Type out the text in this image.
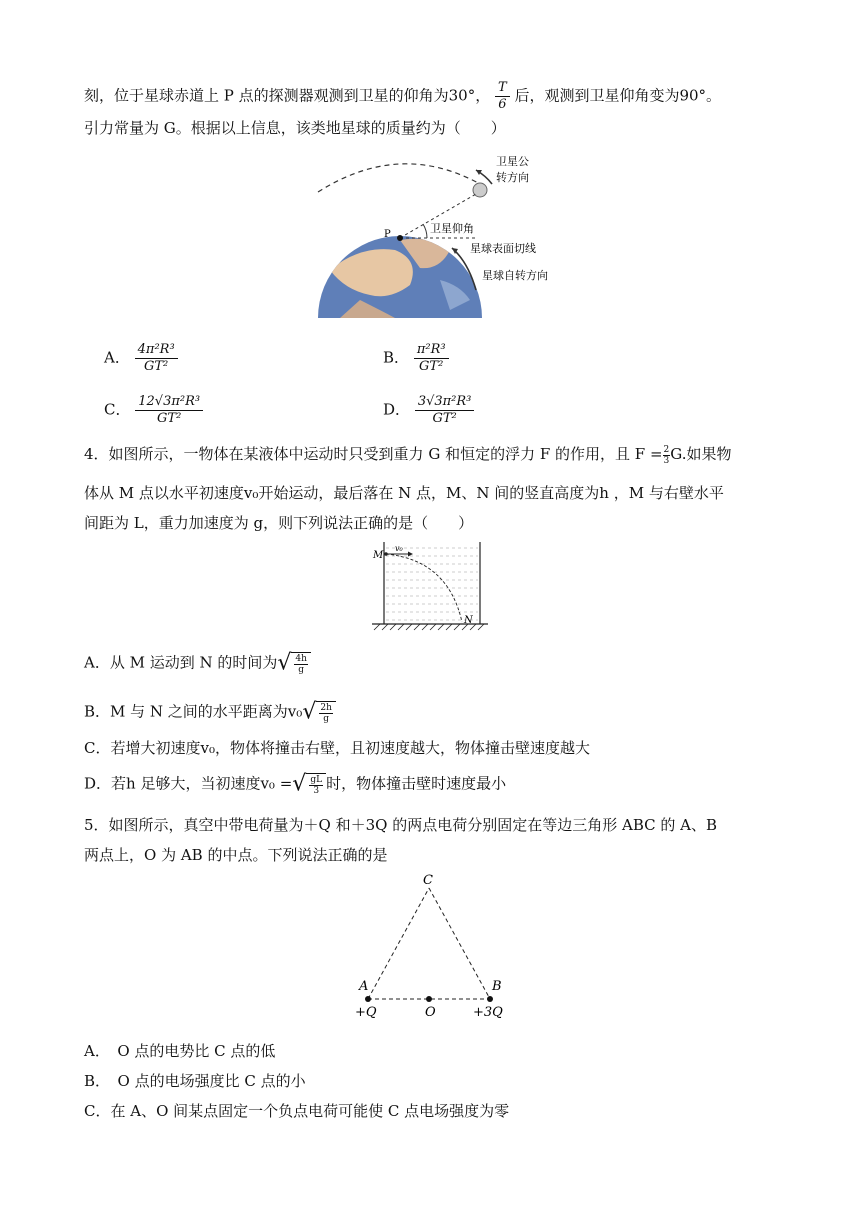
刻，位于星球赤道上 P 点的探测器观测到卫星的仰角为30°， $\frac{T}{6}$ 后，观测到卫星仰角变为90°。
引力常量为 G。根据以上信息，该类地星球的质量约为（　　）
P	卫星仰角
星球表面切线
星球自转方向
卫星公
转方向
A． $\frac{\text{4π²R³}}{\text{GT²}}$	B． $\frac{\text{π²R³}}{\text{GT²}}$
C． $\frac{\text{12√3π²R³}}{\text{GT²}}$	D． $\frac{\text{3√3π²R³}}{\text{GT²}}$
4．如图所示，一物体在某液体中运动时只受到重力 G 和恒定的浮力 F 的作用，且 $F = \frac{2}{3}G$.如果物
体从 M 点以水平初速度v₀开始运动，最后落在 N 点，M、N 间的竖直高度为h ，M 与右壁水平
间距为 L，重力加速度为 g，则下列说法正确的是（　　）
M
v₀
N
A．从 M 运动到 N 的时间为√ $\frac{4h}{g}$
B．M 与 N 之间的水平距离为$v_0√ \frac{2h}{g}$
C．若增大初速度v₀，物体将撞击右壁，且初速度越大，物体撞击壁速度越大
D．若h 足够大，当初速度v₀ =√ $\frac{gL}{3}$ 时，物体撞击壁时速度最小
5．如图所示，真空中带电荷量为＋Q 和＋3Q 的两点电荷分别固定在等边三角形 ABC 的 A、B
两点上，O 为 AB 的中点。下列说法正确的是
C
A	B
O
+Q	+3Q
A．　O 点的电势比 C 点的低
B．　O 点的电场强度比 C 点的小
C．在 A、O 间某点固定一个负点电荷可能使 C 点电场强度为零
